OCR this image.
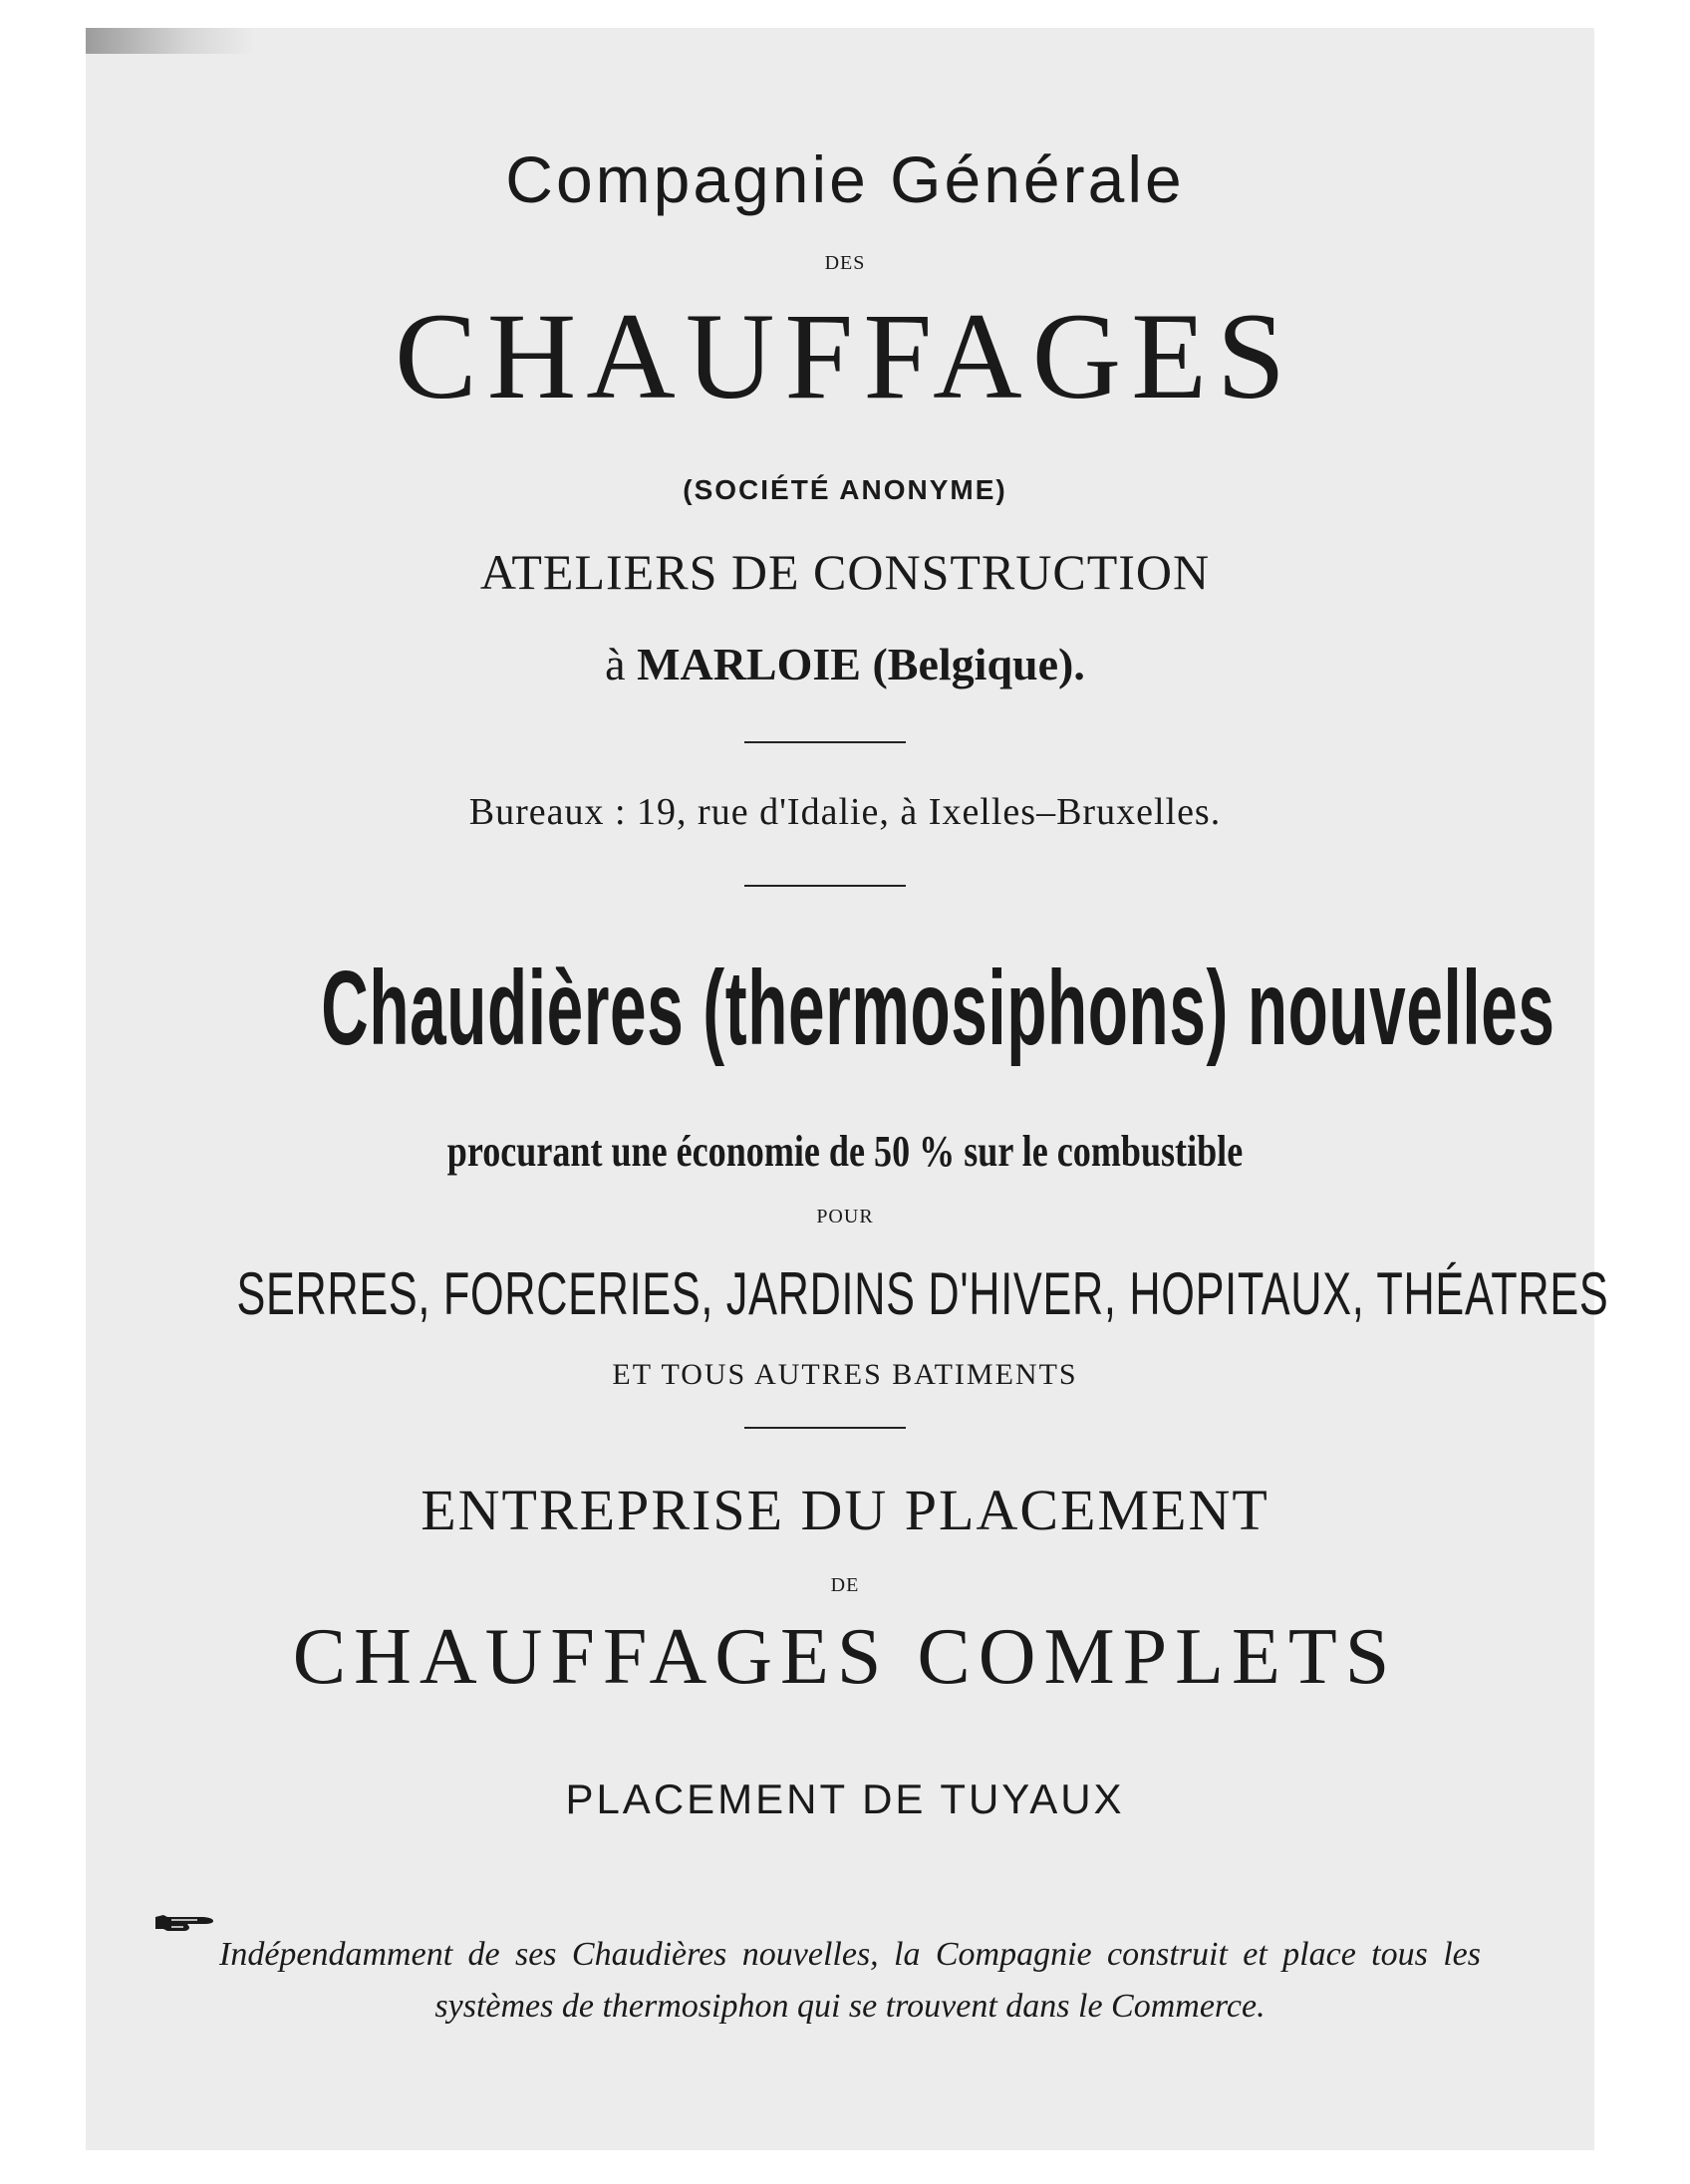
Compagnie Générale

DES

CHAUFFAGES

(SOCIÉTÉ ANONYME)

ATELIERS DE CONSTRUCTION

à MARLOIE (Belgique).

Bureaux : 19, rue d'Idalie, à Ixelles–Bruxelles.

Chaudières (thermosiphons) nouvelles

procurant une économie de 50 % sur le combustible

POUR

SERRES, FORCERIES, JARDINS D'HIVER, HOPITAUX, THÉATRES

ET TOUS AUTRES BATIMENTS

ENTREPRISE DU PLACEMENT

DE

CHAUFFAGES COMPLETS

PLACEMENT DE TUYAUX

Indépendamment de ses Chaudières nouvelles, la Compagnie construit et place tous les systèmes de thermosiphon qui se trouvent dans le Commerce.
